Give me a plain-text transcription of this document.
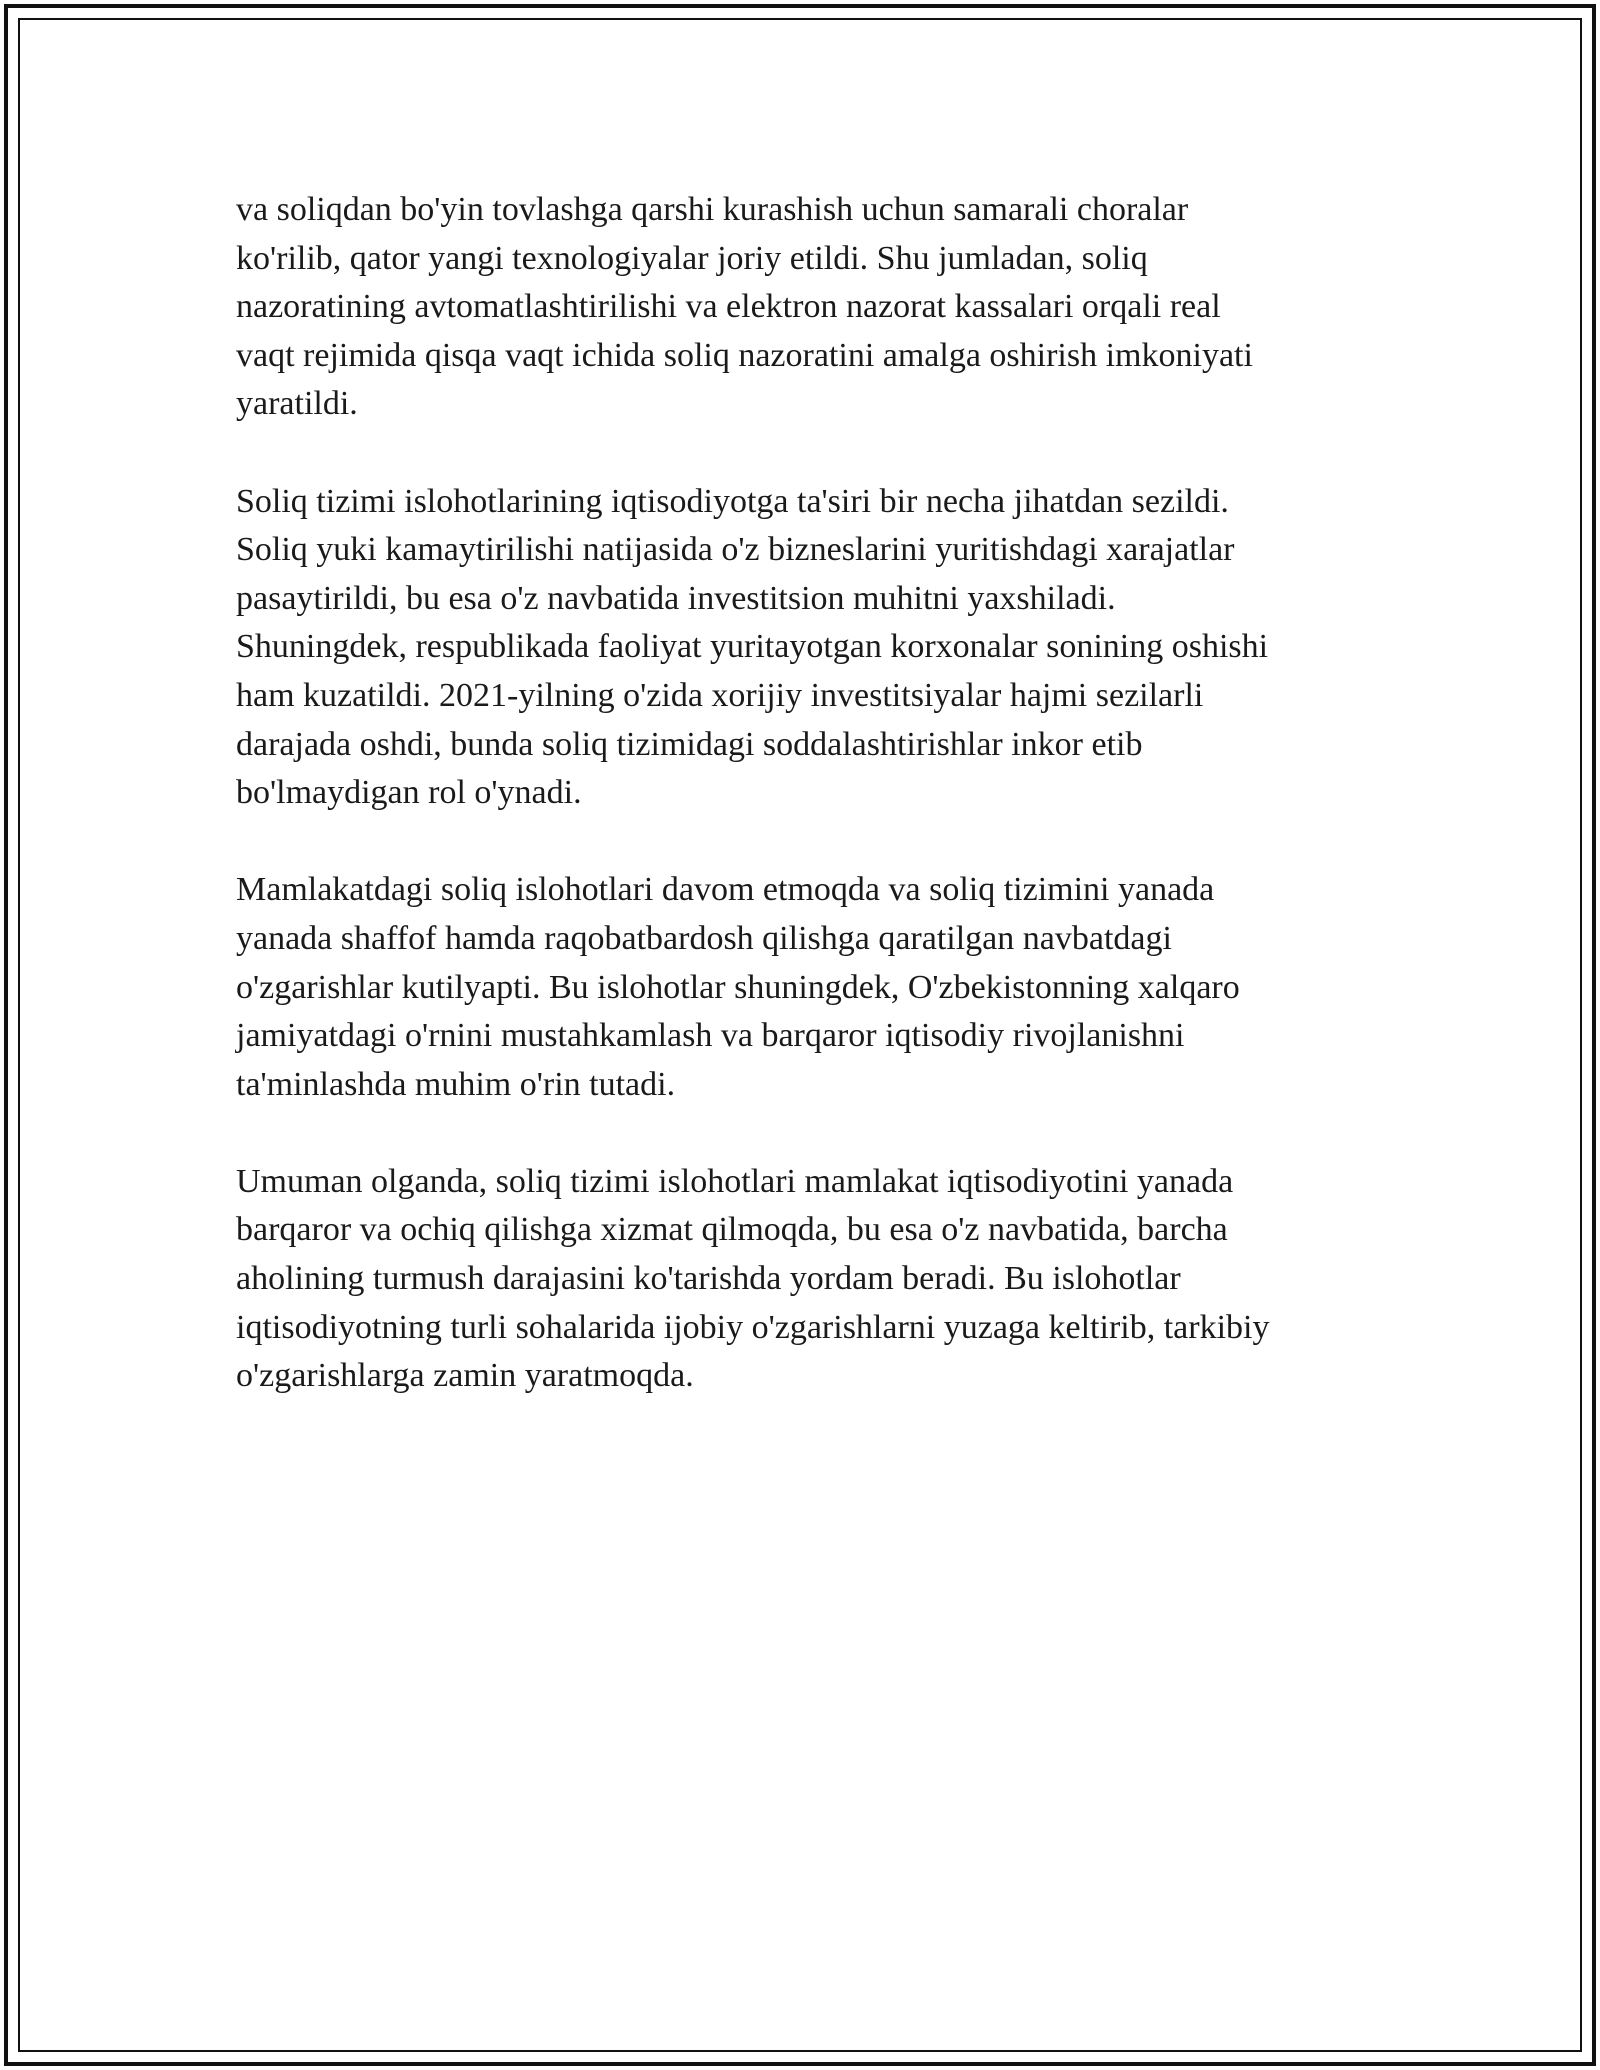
va soliqdan bo'yin tovlashga qarshi kurashish uchun samarali choralar
ko'rilib, qator yangi texnologiyalar joriy etildi. Shu jumladan, soliq
nazoratining avtomatlashtirilishi va elektron nazorat kassalari orqali real
vaqt rejimida qisqa vaqt ichida soliq nazoratini amalga oshirish imkoniyati
yaratildi.

Soliq tizimi islohotlarining iqtisodiyotga ta'siri bir necha jihatdan sezildi.
Soliq yuki kamaytirilishi natijasida o'z bizneslarini yuritishdagi xarajatlar
pasaytirildi, bu esa o'z navbatida investitsion muhitni yaxshiladi.
Shuningdek, respublikada faoliyat yuritayotgan korxonalar sonining oshishi
ham kuzatildi. 2021-yilning o'zida xorijiy investitsiyalar hajmi sezilarli
darajada oshdi, bunda soliq tizimidagi soddalashtirishlar inkor etib
bo'lmaydigan rol o'ynadi.

Mamlakatdagi soliq islohotlari davom etmoqda va soliq tizimini yanada
yanada shaffof hamda raqobatbardosh qilishga qaratilgan navbatdagi
o'zgarishlar kutilyapti. Bu islohotlar shuningdek, O'zbekistonning xalqaro
jamiyatdagi o'rnini mustahkamlash va barqaror iqtisodiy rivojlanishni
ta'minlashda muhim o'rin tutadi.

Umuman olganda, soliq tizimi islohotlari mamlakat iqtisodiyotini yanada
barqaror va ochiq qilishga xizmat qilmoqda, bu esa o'z navbatida, barcha
aholining turmush darajasini ko'tarishda yordam beradi. Bu islohotlar
iqtisodiyotning turli sohalarida ijobiy o'zgarishlarni yuzaga keltirib, tarkibiy
o'zgarishlarga zamin yaratmoqda.
